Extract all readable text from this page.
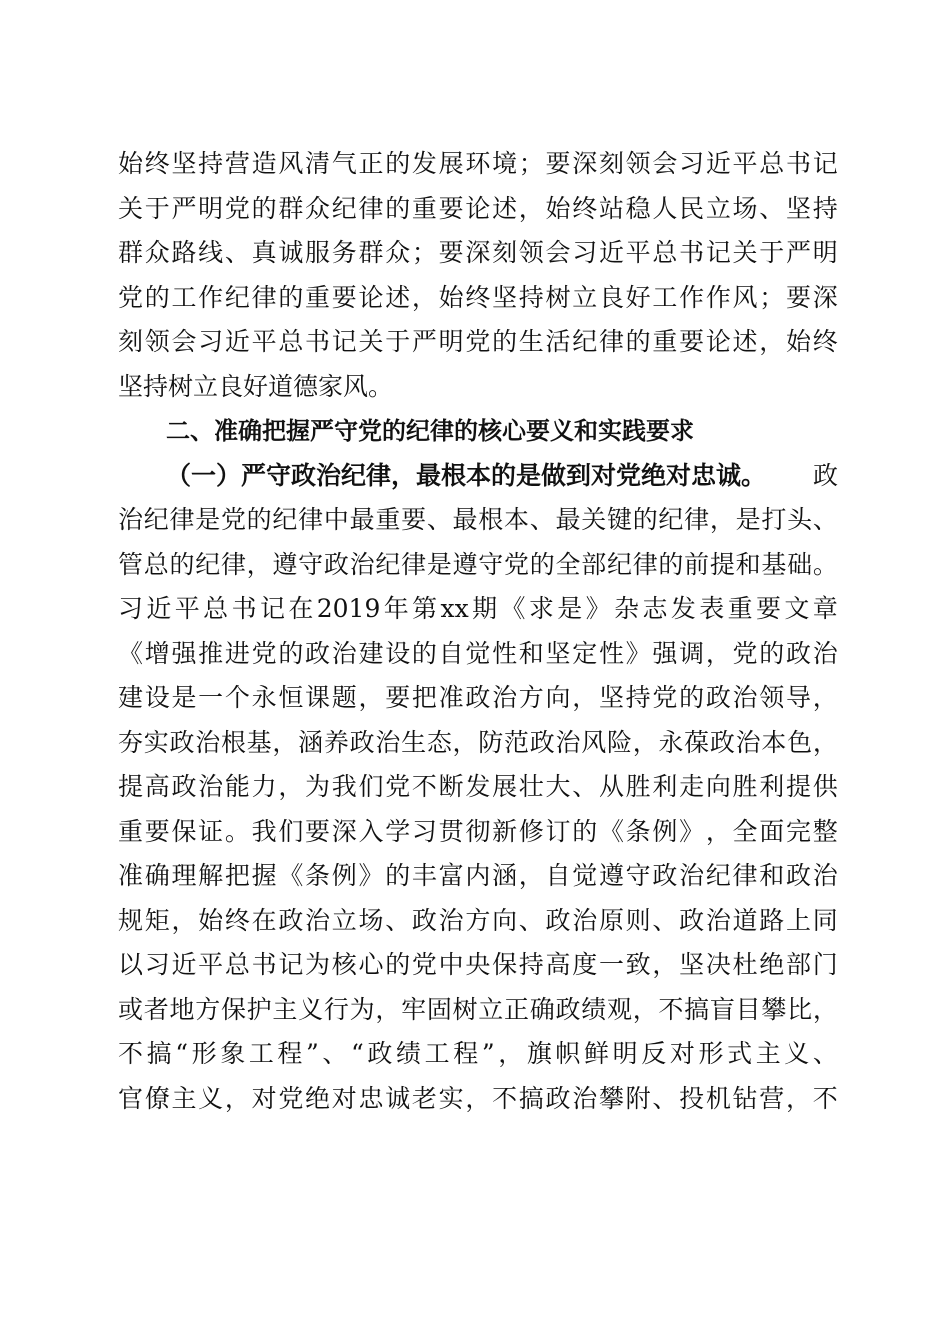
始 终 坚 持 营 造 风 清 气 正 的 发 展 环 境 ； 要 深 刻 领 会 习 近 平 总 书 记
关 于 严 明 党 的 群 众 纪 律 的 重 要 论 述 ， 始 终 站 稳 人 民 立 场 、 坚 持
群 众 路 线 、 真 诚 服 务 群 众 ； 要 深 刻 领 会 习 近 平 总 书 记 关 于 严 明
党 的 工 作 纪 律 的 重 要 论 述 ， 始 终 坚 持 树 立 良 好 工 作 作 风 ； 要 深
刻 领 会 习 近 平 总 书 记 关 于 严 明 党 的 生 活 纪 律 的 重 要 论 述 ， 始 终
坚持树立良好道德家风。
二、准确把握严守党的纪律的核心要义和实践要求
（一）严守政治纪律，最根本的是做到对党绝对忠诚。 政
治 纪 律 是 党 的 纪 律 中 最 重 要 、 最 根 本 、 最 关 键 的 纪 律 ， 是 打 头 、
管 总 的 纪 律 ， 遵 守 政 治 纪 律 是 遵 守 党 的 全 部 纪 律 的 前 提 和 基 础 。
习 近 平 总 书 记 在 2019 年 第 xx 期 《 求 是 》 杂 志 发 表 重 要 文 章
《 增 强 推 进 党 的 政 治 建 设 的 自 觉 性 和 坚 定 性 》 强 调 ， 党 的 政 治
建 设 是 一 个 永 恒 课 题 ， 要 把 准 政 治 方 向 ， 坚 持 党 的 政 治 领 导 ，
夯 实 政 治 根 基 ， 涵 养 政 治 生 态 ， 防 范 政 治 风 险 ， 永 葆 政 治 本 色 ，
提 高 政 治 能 力 ， 为 我 们 党 不 断 发 展 壮 大 、 从 胜 利 走 向 胜 利 提 供
重 要 保 证 。 我 们 要 深 入 学 习 贯 彻 新 修 订 的 《 条 例 》 ， 全 面 完 整
准 确 理 解 把 握 《 条 例 》 的 丰 富 内 涵 ， 自 觉 遵 守 政 治 纪 律 和 政 治
规 矩 ， 始 终 在 政 治 立 场 、 政 治 方 向 、 政 治 原 则 、 政 治 道 路 上 同
以 习 近 平 总 书 记 为 核 心 的 党 中 央 保 持 高 度 一 致 ， 坚 决 杜 绝 部 门
或 者 地 方 保 护 主 义 行 为 ， 牢 固 树 立 正 确 政 绩 观 ， 不 搞 盲 目 攀 比 ，
不 搞 “ 形 象 工 程 ” 、 “ 政 绩 工 程 ” ， 旗 帜 鲜 明 反 对 形 式 主 义 、
官 僚 主 义 ， 对 党 绝 对 忠 诚 老 实 ， 不 搞 政 治 攀 附 、 投 机 钻 营 ， 不
